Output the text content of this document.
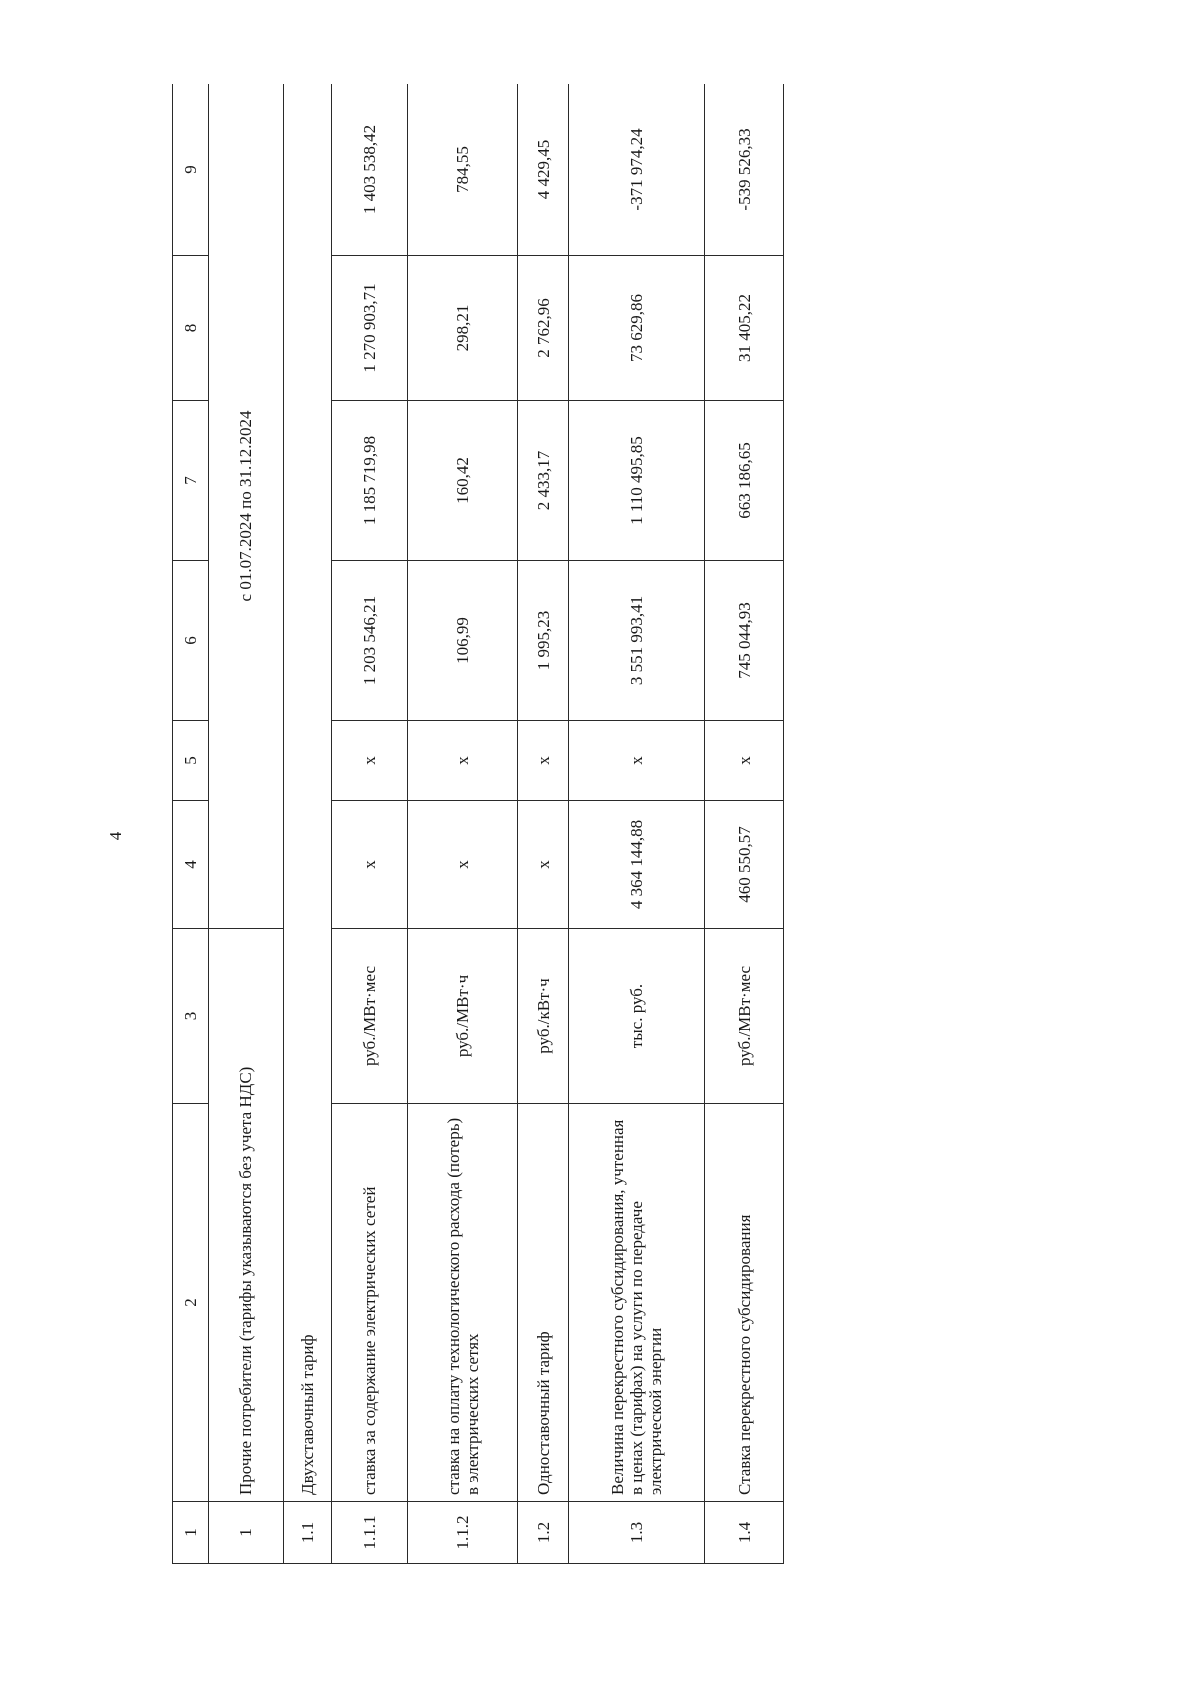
4
1	2	3	4	5	6	7	8	9
1	Прочие потребители (тарифы указываются без учета НДС)		с 01.07.2024 по 31.12.2024					
1.1	Двухставочный тариф							
1.1.1	ставка за содержание электрических сетей	руб./МВт·мес	x	x	1 203 546,21	1 185 719,98	1 270 903,71	1 403 538,42
1.1.2	ставка на оплату технологического расхода (потерь) в электрических сетях	руб./МВт·ч	x	x	106,99	160,42	298,21	784,55
1.2	Одноставочный тариф	руб./кВт·ч	x	x	1 995,23	2 433,17	2 762,96	4 429,45
1.3	Величина перекрестного субсидирования, учтенная в ценах (тарифах) на услуги по передаче электрической энергии	тыс. руб.	4 364 144,88	x	3 551 993,41	1 110 495,85	73 629,86	-371 974,24
1.4	Ставка перекрестного субсидирования	руб./МВт·мес	460 550,57	x	745 044,93	663 186,65	31 405,22	-539 526,33
